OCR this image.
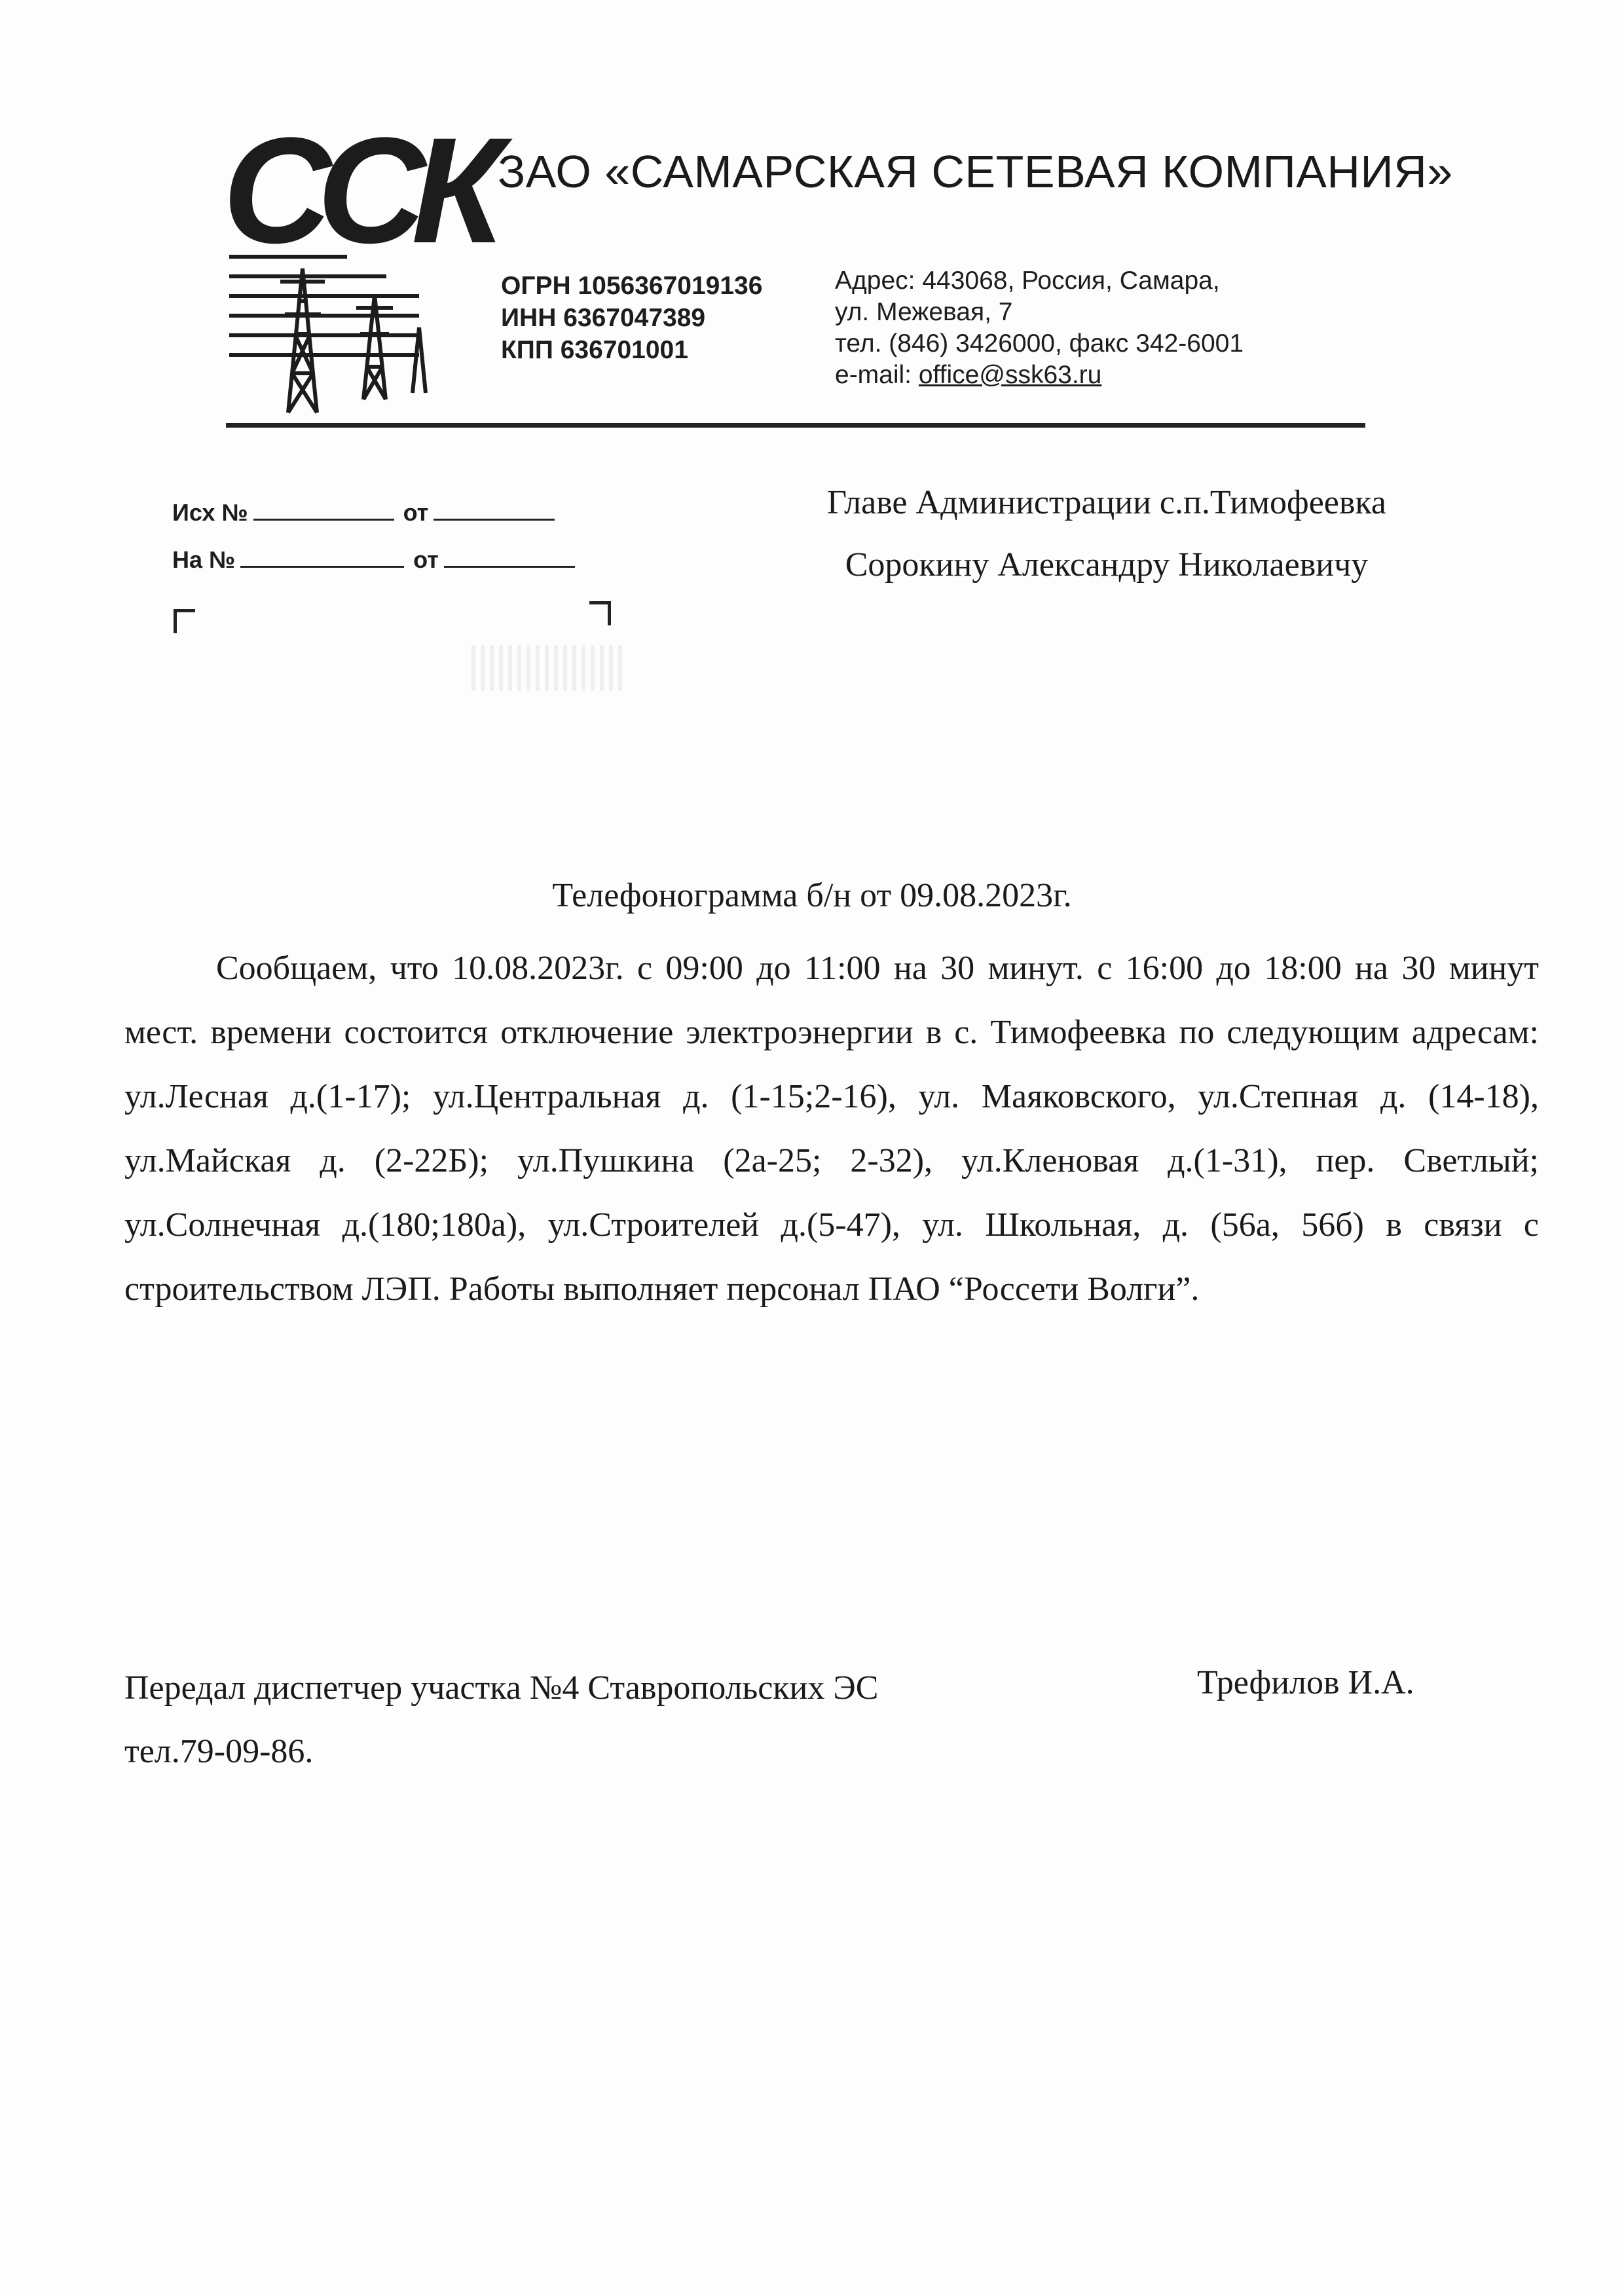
ССК ЗАО «САМАРСКАЯ СЕТЕВАЯ КОМПАНИЯ»
ОГРН 1056367019136
ИНН 6367047389
КПП 636701001
Адрес: 443068, Россия, Самара,
ул. Межевая, 7
тел. (846) 3426000, факс 342-6001
e-mail: office@ssk63.ru
Исх №	от
На №	от
Главе Администрации с.п.Тимофеевка
Сорокину Александру Николаевичу
Телефонограмма б/н от 09.08.2023г.
Сообщаем, что 10.08.2023г. с 09:00 до 11:00 на 30 минут. с 16:00 до 18:00 на 30 минут мест. времени состоится отключение электроэнергии в с. Тимофеевка по следующим адресам: ул.Лесная д.(1-17); ул.Центральная д. (1-15;2-16), ул. Маяковского, ул.Степная д. (14-18), ул.Майская д. (2-22Б); ул.Пушкина (2а-25; 2-32), ул.Кленовая д.(1-31), пер. Светлый; ул.Солнечная д.(180;180а), ул.Строителей д.(5-47), ул. Школьная, д. (56а, 56б) в связи с строительством ЛЭП. Работы выполняет персонал ПАО “Россети Волги”.
Передал диспетчер участка №4 Ставропольских ЭС
тел.79-09-86.
Трефилов И.А.
